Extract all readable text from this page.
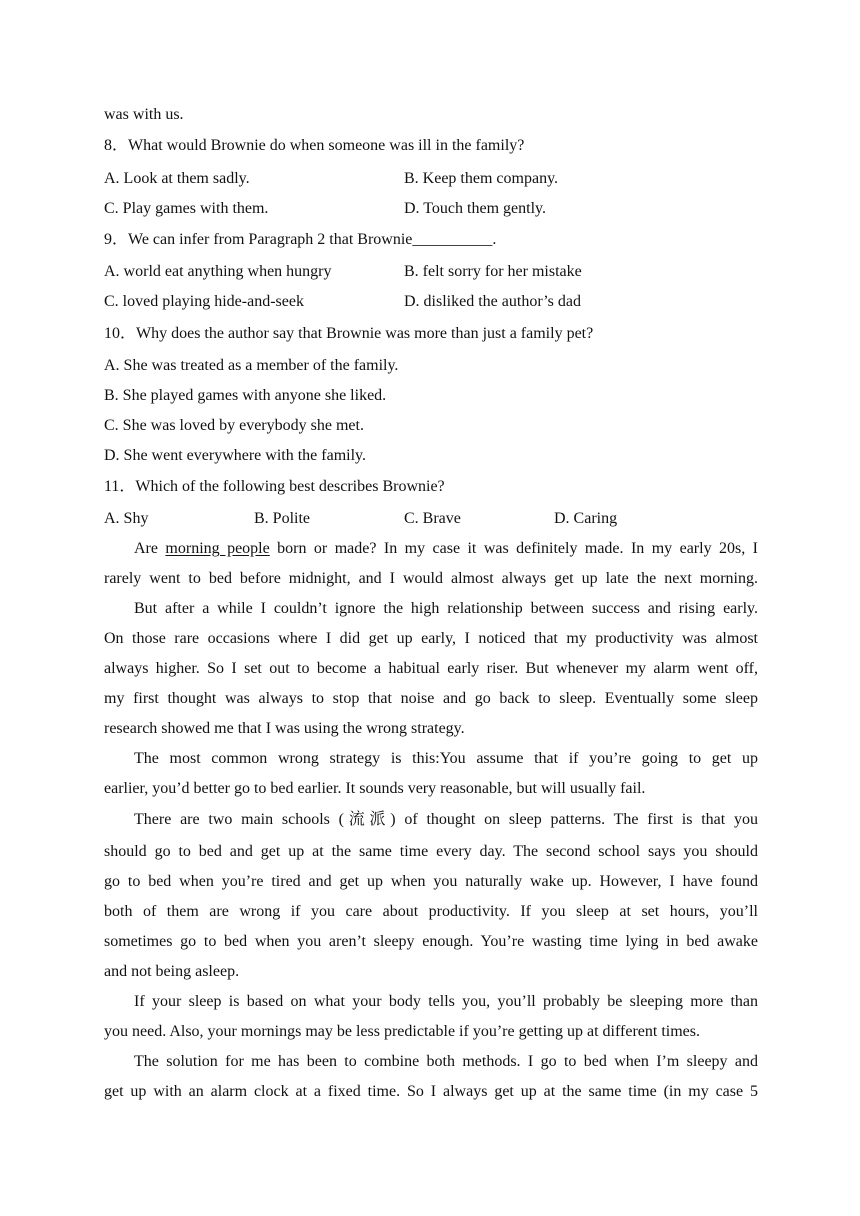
was with us.
8．What would Brownie do when someone was ill in the family?
A. Look at them sadly.	B. Keep them company.
C. Play games with them.	D. Touch them gently.
9．We can infer from Paragraph 2 that Brownie__________.
A. world eat anything when hungry	B. felt sorry for her mistake
C. loved playing hide-and-seek	D. disliked the author’s dad
10．Why does the author say that Brownie was more than just a family pet?
A. She was treated as a member of the family.
B. She played games with anyone she liked.
C. She was loved by everybody she met.
D. She went everywhere with the family.
11．Which of the following best describes Brownie?
A. Shy	B. Polite	C. Brave	D. Caring
Are morning people born or made? In my case it was definitely made. In my early 20s, I
rarely went to bed before midnight, and I would almost always get up late the next morning.
But after a while I couldn’t ignore the high relationship between success and rising early.
On those rare occasions where I did get up early, I noticed that my productivity was almost
always higher. So I set out to become a habitual early riser. But whenever my alarm went off,
my first thought was always to stop that noise and go back to sleep. Eventually some sleep
research showed me that I was using the wrong strategy.
The most common wrong strategy is this:You assume that if you’re going to get up
earlier, you’d better go to bed earlier. It sounds very reasonable, but will usually fail.
There are two main schools (流派) of thought on sleep patterns. The first is that you
should go to bed and get up at the same time every day. The second school says you should
go to bed when you’re tired and get up when you naturally wake up. However, I have found
both of them are wrong if you care about productivity. If you sleep at set hours, you’ll
sometimes go to bed when you aren’t sleepy enough. You’re wasting time lying in bed awake
and not being asleep.
If your sleep is based on what your body tells you, you’ll probably be sleeping more than
you need. Also, your mornings may be less predictable if you’re getting up at different times.
The solution for me has been to combine both methods. I go to bed when I’m sleepy and
get up with an alarm clock at a fixed time. So I always get up at the same time (in my case 5
